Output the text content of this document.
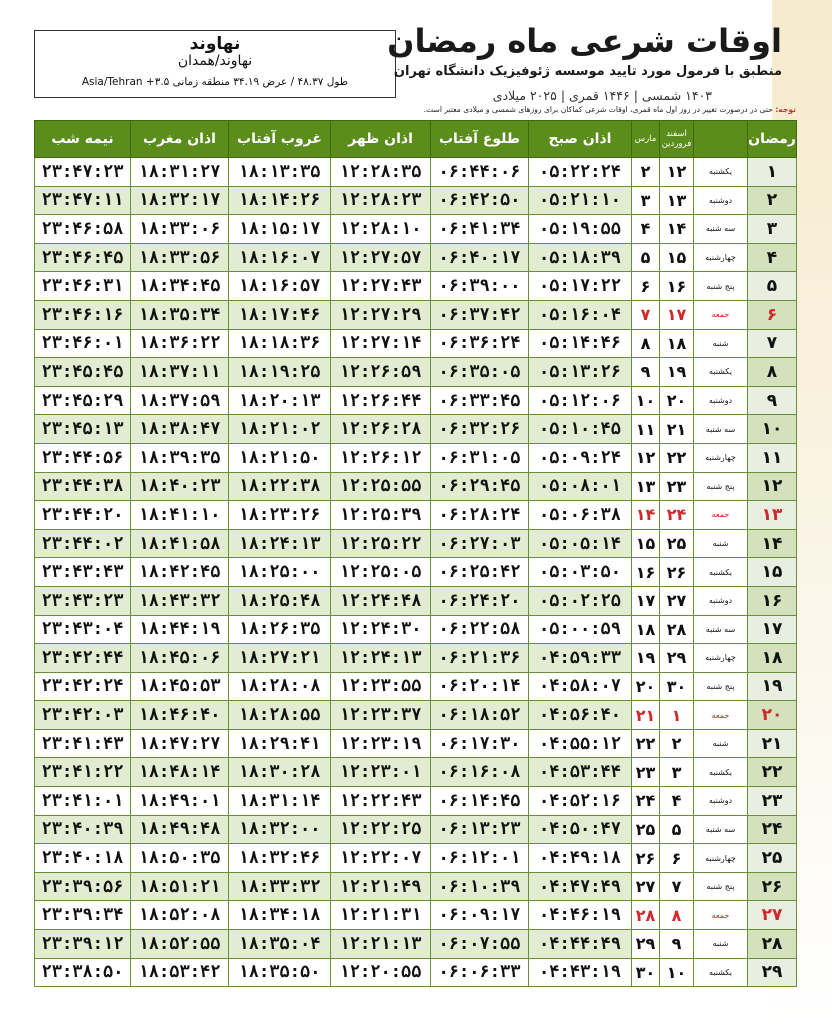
نهاوند
نهاوند/همدان
طول ۴۸.۳۷ / عرض ۳۴.۱۹ منطقه زمانی Asia/Tehran +۳.۵
اوقات شرعی ماه رمضان
منطبق با فرمول مورد تایید موسسه ژئوفیزیک دانشگاه تهران
۱۴۰۳ شمسی | ۱۴۴۶ قمری | ۲۰۲۵ میلادی
توجه: حتی در درصورت تغییر در روز اول ماه قمری، اوقات شرعی کماکان برای روزهای شمسی و میلادی معتبر است.
رمضان		اسفند
فروردین	مارس	اذان صبح	طلوع آفتاب	اذان ظهر	غروب آفتاب	اذان مغرب	نیمه شب
۱	یکشنبه	۱۲	۲	۰۵:۲۲:۲۴	۰۶:۴۴:۰۶	۱۲:۲۸:۳۵	۱۸:۱۳:۳۵	۱۸:۳۱:۲۷	۲۳:۴۷:۲۳
۲	دوشنبه	۱۳	۳	۰۵:۲۱:۱۰	۰۶:۴۲:۵۰	۱۲:۲۸:۲۳	۱۸:۱۴:۲۶	۱۸:۳۲:۱۷	۲۳:۴۷:۱۱
۳	سه شنبه	۱۴	۴	۰۵:۱۹:۵۵	۰۶:۴۱:۳۴	۱۲:۲۸:۱۰	۱۸:۱۵:۱۷	۱۸:۳۳:۰۶	۲۳:۴۶:۵۸
۴	چهارشنبه	۱۵	۵	۰۵:۱۸:۳۹	۰۶:۴۰:۱۷	۱۲:۲۷:۵۷	۱۸:۱۶:۰۷	۱۸:۳۳:۵۶	۲۳:۴۶:۴۵
۵	پنج شنبه	۱۶	۶	۰۵:۱۷:۲۲	۰۶:۳۹:۰۰	۱۲:۲۷:۴۳	۱۸:۱۶:۵۷	۱۸:۳۴:۴۵	۲۳:۴۶:۳۱
۶	جمعه	۱۷	۷	۰۵:۱۶:۰۴	۰۶:۳۷:۴۲	۱۲:۲۷:۲۹	۱۸:۱۷:۴۶	۱۸:۳۵:۳۴	۲۳:۴۶:۱۶
۷	شنبه	۱۸	۸	۰۵:۱۴:۴۶	۰۶:۳۶:۲۴	۱۲:۲۷:۱۴	۱۸:۱۸:۳۶	۱۸:۳۶:۲۲	۲۳:۴۶:۰۱
۸	یکشنبه	۱۹	۹	۰۵:۱۳:۲۶	۰۶:۳۵:۰۵	۱۲:۲۶:۵۹	۱۸:۱۹:۲۵	۱۸:۳۷:۱۱	۲۳:۴۵:۴۵
۹	دوشنبه	۲۰	۱۰	۰۵:۱۲:۰۶	۰۶:۳۳:۴۵	۱۲:۲۶:۴۴	۱۸:۲۰:۱۳	۱۸:۳۷:۵۹	۲۳:۴۵:۲۹
۱۰	سه شنبه	۲۱	۱۱	۰۵:۱۰:۴۵	۰۶:۳۲:۲۶	۱۲:۲۶:۲۸	۱۸:۲۱:۰۲	۱۸:۳۸:۴۷	۲۳:۴۵:۱۳
۱۱	چهارشنبه	۲۲	۱۲	۰۵:۰۹:۲۴	۰۶:۳۱:۰۵	۱۲:۲۶:۱۲	۱۸:۲۱:۵۰	۱۸:۳۹:۳۵	۲۳:۴۴:۵۶
۱۲	پنج شنبه	۲۳	۱۳	۰۵:۰۸:۰۱	۰۶:۲۹:۴۵	۱۲:۲۵:۵۵	۱۸:۲۲:۳۸	۱۸:۴۰:۲۳	۲۳:۴۴:۳۸
۱۳	جمعه	۲۴	۱۴	۰۵:۰۶:۳۸	۰۶:۲۸:۲۴	۱۲:۲۵:۳۹	۱۸:۲۳:۲۶	۱۸:۴۱:۱۰	۲۳:۴۴:۲۰
۱۴	شنبه	۲۵	۱۵	۰۵:۰۵:۱۴	۰۶:۲۷:۰۳	۱۲:۲۵:۲۲	۱۸:۲۴:۱۳	۱۸:۴۱:۵۸	۲۳:۴۴:۰۲
۱۵	یکشنبه	۲۶	۱۶	۰۵:۰۳:۵۰	۰۶:۲۵:۴۲	۱۲:۲۵:۰۵	۱۸:۲۵:۰۰	۱۸:۴۲:۴۵	۲۳:۴۳:۴۳
۱۶	دوشنبه	۲۷	۱۷	۰۵:۰۲:۲۵	۰۶:۲۴:۲۰	۱۲:۲۴:۴۸	۱۸:۲۵:۴۸	۱۸:۴۳:۳۲	۲۳:۴۳:۲۳
۱۷	سه شنبه	۲۸	۱۸	۰۵:۰۰:۵۹	۰۶:۲۲:۵۸	۱۲:۲۴:۳۰	۱۸:۲۶:۳۵	۱۸:۴۴:۱۹	۲۳:۴۳:۰۴
۱۸	چهارشنبه	۲۹	۱۹	۰۴:۵۹:۳۳	۰۶:۲۱:۳۶	۱۲:۲۴:۱۳	۱۸:۲۷:۲۱	۱۸:۴۵:۰۶	۲۳:۴۲:۴۴
۱۹	پنج شنبه	۳۰	۲۰	۰۴:۵۸:۰۷	۰۶:۲۰:۱۴	۱۲:۲۳:۵۵	۱۸:۲۸:۰۸	۱۸:۴۵:۵۳	۲۳:۴۲:۲۴
۲۰	جمعه	۱	۲۱	۰۴:۵۶:۴۰	۰۶:۱۸:۵۲	۱۲:۲۳:۳۷	۱۸:۲۸:۵۵	۱۸:۴۶:۴۰	۲۳:۴۲:۰۳
۲۱	شنبه	۲	۲۲	۰۴:۵۵:۱۲	۰۶:۱۷:۳۰	۱۲:۲۳:۱۹	۱۸:۲۹:۴۱	۱۸:۴۷:۲۷	۲۳:۴۱:۴۳
۲۲	یکشنبه	۳	۲۳	۰۴:۵۳:۴۴	۰۶:۱۶:۰۸	۱۲:۲۳:۰۱	۱۸:۳۰:۲۸	۱۸:۴۸:۱۴	۲۳:۴۱:۲۲
۲۳	دوشنبه	۴	۲۴	۰۴:۵۲:۱۶	۰۶:۱۴:۴۵	۱۲:۲۲:۴۳	۱۸:۳۱:۱۴	۱۸:۴۹:۰۱	۲۳:۴۱:۰۱
۲۴	سه شنبه	۵	۲۵	۰۴:۵۰:۴۷	۰۶:۱۳:۲۳	۱۲:۲۲:۲۵	۱۸:۳۲:۰۰	۱۸:۴۹:۴۸	۲۳:۴۰:۳۹
۲۵	چهارشنبه	۶	۲۶	۰۴:۴۹:۱۸	۰۶:۱۲:۰۱	۱۲:۲۲:۰۷	۱۸:۳۲:۴۶	۱۸:۵۰:۳۵	۲۳:۴۰:۱۸
۲۶	پنج شنبه	۷	۲۷	۰۴:۴۷:۴۹	۰۶:۱۰:۳۹	۱۲:۲۱:۴۹	۱۸:۳۳:۳۲	۱۸:۵۱:۲۱	۲۳:۳۹:۵۶
۲۷	جمعه	۸	۲۸	۰۴:۴۶:۱۹	۰۶:۰۹:۱۷	۱۲:۲۱:۳۱	۱۸:۳۴:۱۸	۱۸:۵۲:۰۸	۲۳:۳۹:۳۴
۲۸	شنبه	۹	۲۹	۰۴:۴۴:۴۹	۰۶:۰۷:۵۵	۱۲:۲۱:۱۳	۱۸:۳۵:۰۴	۱۸:۵۲:۵۵	۲۳:۳۹:۱۲
۲۹	یکشنبه	۱۰	۳۰	۰۴:۴۳:۱۹	۰۶:۰۶:۳۳	۱۲:۲۰:۵۵	۱۸:۳۵:۵۰	۱۸:۵۳:۴۲	۲۳:۳۸:۵۰
